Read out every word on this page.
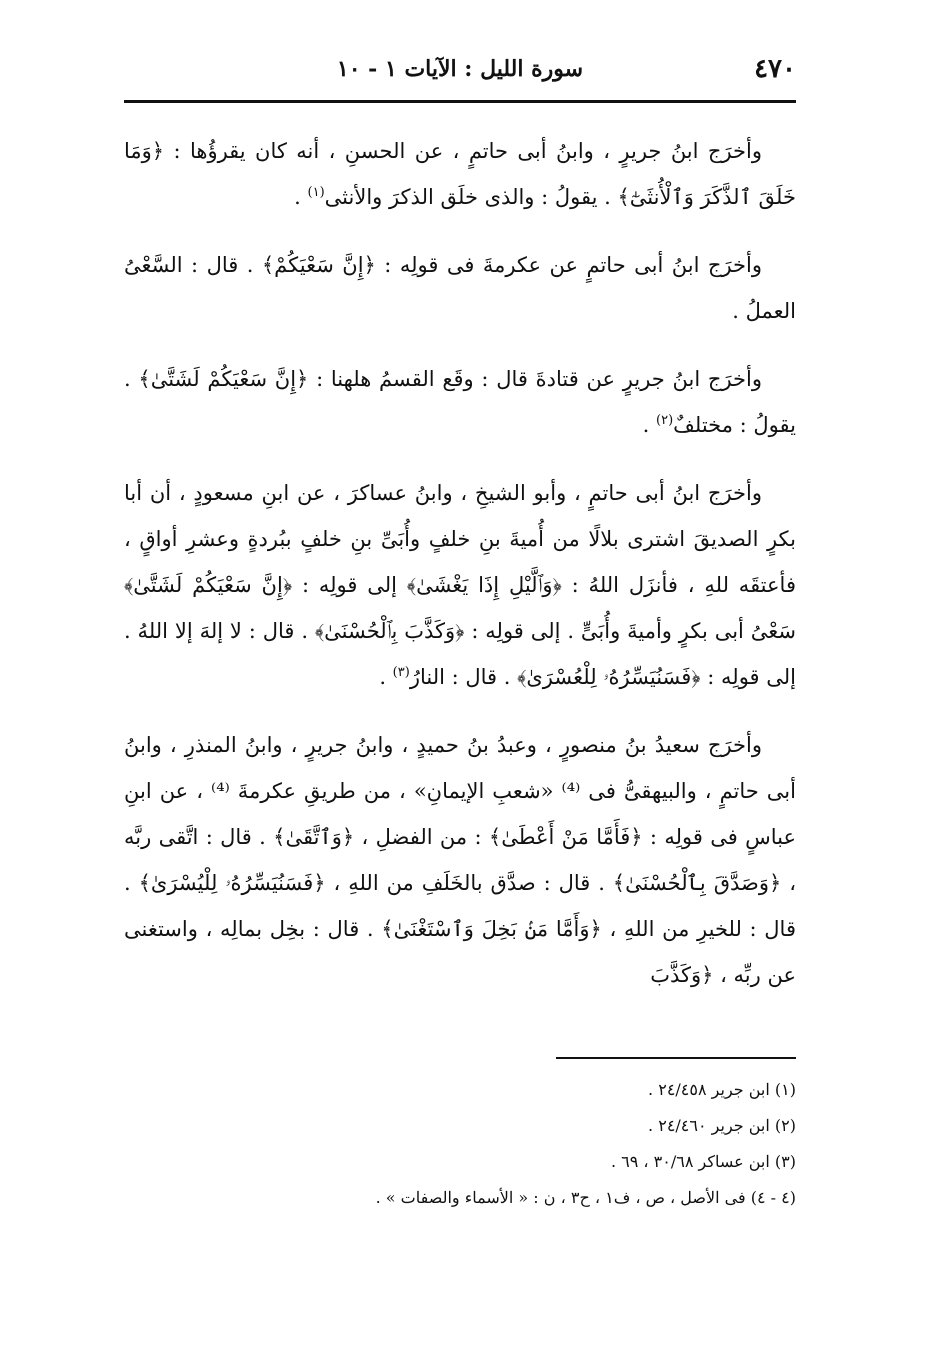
٤٧٠
سورة الليل : الآيات ١ - ١٠

وأخرَج ابنُ جريرٍ ، وابنُ أبى حاتمٍ ، عن الحسنِ ، أنه كان يقرؤُها : ﴿وَمَا خَلَقَ ٱلذَّكَرَ وَٱلْأُنثَىٰٓ﴾ . يقولُ : والذى خلَق الذكرَ والأنثى$^{(١)}$ .

وأخرَج ابنُ أبى حاتمٍ عن عكرمةَ فى قولِه : ﴿إِنَّ سَعْيَكُمْ﴾ . قال : السَّعْىُ العملُ .

وأخرَج ابنُ جريرٍ عن قتادةَ قال : وقَع القسمُ هلهنا : ﴿إِنَّ سَعْيَكُمْ لَشَتَّىٰ﴾ . يقولُ : مختلفٌ$^{(٢)}$ .

وأخرَج ابنُ أبى حاتمٍ ، وأبو الشيخِ ، وابنُ عساكرَ ، عن ابنِ مسعودٍ ، أن أبا بكرٍ الصديقَ اشترى بلالًا من أُميةَ بنِ خلفٍ وأُبَىِّ بنِ خلفٍ ببُردةٍ وعشرِ أواقٍ ، فأعتقَه للهِ ، فأنزَل اللهُ : ﴿وَٱلَّيْلِ إِذَا يَغْشَىٰ﴾ إلى قولِه : ﴿إِنَّ سَعْيَكُمْ لَشَتَّىٰ﴾ سَعْىُ أبى بكرٍ وأميةَ وأُبَىٍّ . إلى قولِه : ﴿وَكَذَّبَ بِٱلْحُسْنَىٰ﴾ . قال : لا إلهَ إلا اللهُ . إلى قولِه : ﴿فَسَنُيَسِّرُهُۥ لِلْعُسْرَىٰ﴾ . قال : النارُ$^{(٣)}$ .

وأخرَج سعيدُ بنُ منصورٍ ، وعبدُ بنُ حميدٍ ، وابنُ جريرٍ ، وابنُ المنذرِ ، وابنُ أبى حاتمٍ ، والبيهقىُّ فى ⁽⁴⁾ «شعبِ الإيمانِ» ، من طريقِ عكرمةَ ⁽⁴⁾ ، عن ابنِ عباسٍ فى قولِه : ﴿فَأَمَّا مَنْ أَعْطَىٰ﴾ : من الفضلِ ، ﴿وَٱتَّقَىٰ﴾ . قال : اتَّقى ربَّه ، ﴿وَصَدَّقَ بِٱلْحُسْنَىٰ﴾ . قال : صدَّق بالخَلَفِ من اللهِ ، ﴿فَسَنُيَسِّرُهُۥ لِلْيُسْرَىٰ﴾ . قال : للخيرِ من اللهِ ، ﴿وَأَمَّا مَنۢ بَخِلَ وَٱسْتَغْنَىٰ﴾ . قال : بخِل بمالِه ، واستغنى عن ربِّه ، ﴿وَكَذَّبَ

(١) ابن جرير ٢٤/٤٥٨ .

(٢) ابن جرير ٢٤/٤٦٠ .

(٣) ابن عساكر ٣٠/٦٨ ، ٦٩ .

(٤ - ٤) فى الأصل ، ص ، ف١ ، ح٣ ، ن : « الأسماء والصفات » .
